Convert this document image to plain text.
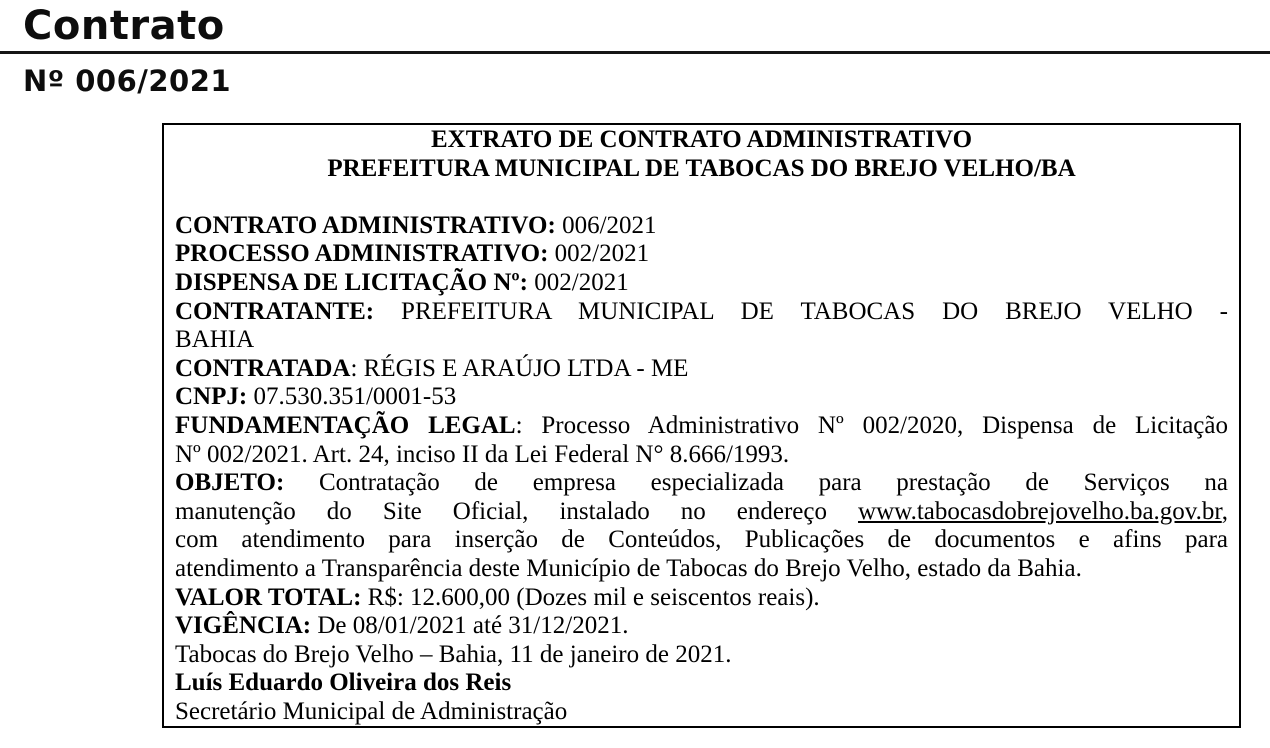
Contrato
Nº 006/2021
EXTRATO DE CONTRATO ADMINISTRATIVO
PREFEITURA MUNICIPAL DE TABOCAS DO BREJO VELHO/BA
CONTRATO ADMINISTRATIVO: 006/2021
PROCESSO ADMINISTRATIVO: 002/2021
DISPENSA DE LICITAÇÃO Nº: 002/2021
CONTRATANTE: PREFEITURA MUNICIPAL DE TABOCAS DO BREJO VELHO -
BAHIA
CONTRATADA: RÉGIS E ARAÚJO LTDA - ME
CNPJ: 07.530.351/0001-53
FUNDAMENTAÇÃO LEGAL: Processo Administrativo Nº 002/2020, Dispensa de Licitação
Nº 002/2021. Art. 24, inciso II da Lei Federal N° 8.666/1993.
OBJETO: Contratação de empresa especializada para prestação de Serviços na
manutenção do Site Oficial, instalado no endereço www.tabocasdobrejovelho.ba.gov.br,
com atendimento para inserção de Conteúdos, Publicações de documentos e afins para
atendimento a Transparência deste Município de Tabocas do Brejo Velho, estado da Bahia.
VALOR TOTAL: R$: 12.600,00 (Dozes mil e seiscentos reais).
VIGÊNCIA: De 08/01/2021 até 31/12/2021.
Tabocas do Brejo Velho – Bahia, 11 de janeiro de 2021.
Luís Eduardo Oliveira dos Reis
Secretário Municipal de Administração
